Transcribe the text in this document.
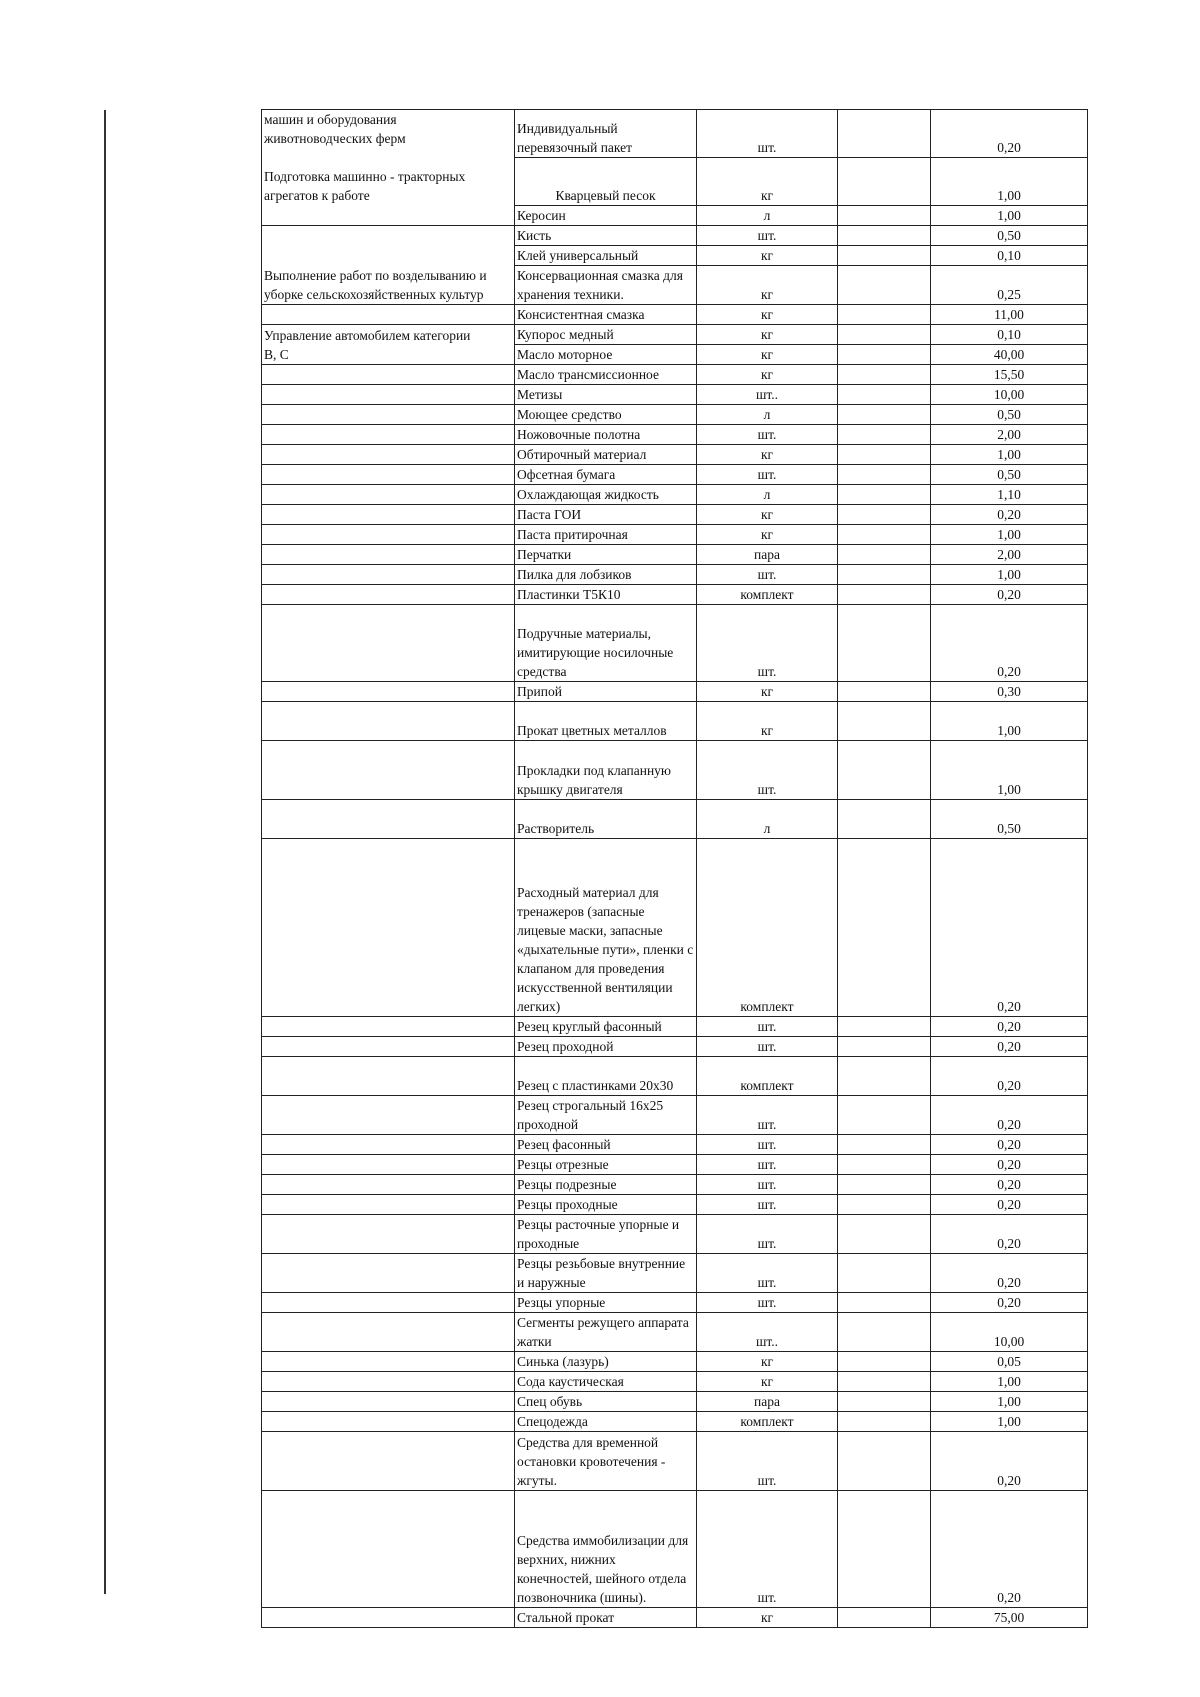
машин и оборудования
животноводческих ферм

Подготовка машинно - тракторных
агрегатов к работе	Индивидуальный перевязочный пакет	шт.		0,20
	Кварцевый песок	кг		1,00
	Керосин	л		1,00

Выполнение работ по возделыванию и
уборке сельскохозяйственных культур	Кисть	шт.		0,50
	Клей универсальный	кг		0,10
	Консервационная смазка для хранения техники.	кг		0,25
	Консистентная смазка	кг		11,00

Управление автомобилем категории
В, С	Купорос медный	кг		0,10
	Масло моторное	кг		40,00
	Масло трансмиссионное	кг		15,50
	Метизы	шт..		10,00
	Моющее средство	л		0,50
	Ножовочные полотна	шт.		2,00
	Обтирочный материал	кг		1,00
	Офсетная бумага	шт.		0,50
	Охлаждающая жидкость	л		1,10
	Паста ГОИ	кг		0,20
	Паста притирочная	кг		1,00
	Перчатки	пара		2,00
	Пилка для лобзиков	шт.		1,00
	Пластинки Т5К10	комплект		0,20
	Подручные материалы, имитирующие носилочные средства	шт.		0,20
	Припой	кг		0,30
	Прокат цветных металлов	кг		1,00
	Прокладки под клапанную крышку двигателя	шт.		1,00
	Растворитель	л		0,50
	Расходный материал для тренажеров (запасные лицевые маски, запасные «дыхательные пути», пленки с клапаном для проведения искусственной вентиляции легких)	комплект		0,20
	Резец круглый фасонный	шт.		0,20
	Резец проходной	шт.		0,20
	Резец с пластинками 20х30	комплект		0,20
	Резец строгальный 16х25 проходной	шт.		0,20
	Резец фасонный	шт.		0,20
	Резцы отрезные	шт.		0,20
	Резцы подрезные	шт.		0,20
	Резцы проходные	шт.		0,20
	Резцы расточные упорные и проходные	шт.		0,20
	Резцы резьбовые внутренние и наружные	шт.		0,20
	Резцы упорные	шт.		0,20
	Сегменты режущего аппарата жатки	шт..		10,00
	Синька (лазурь)	кг		0,05
	Сода каустическая	кг		1,00
	Спец обувь	пара		1,00
	Спецодежда	комплект		1,00
	Средства для временной остановки кровотечения - жгуты.	шт.		0,20
	Средства иммобилизации для верхних, нижних конечностей, шейного отдела позвоночника (шины).	шт.		0,20
	Стальной прокат	кг		75,00
